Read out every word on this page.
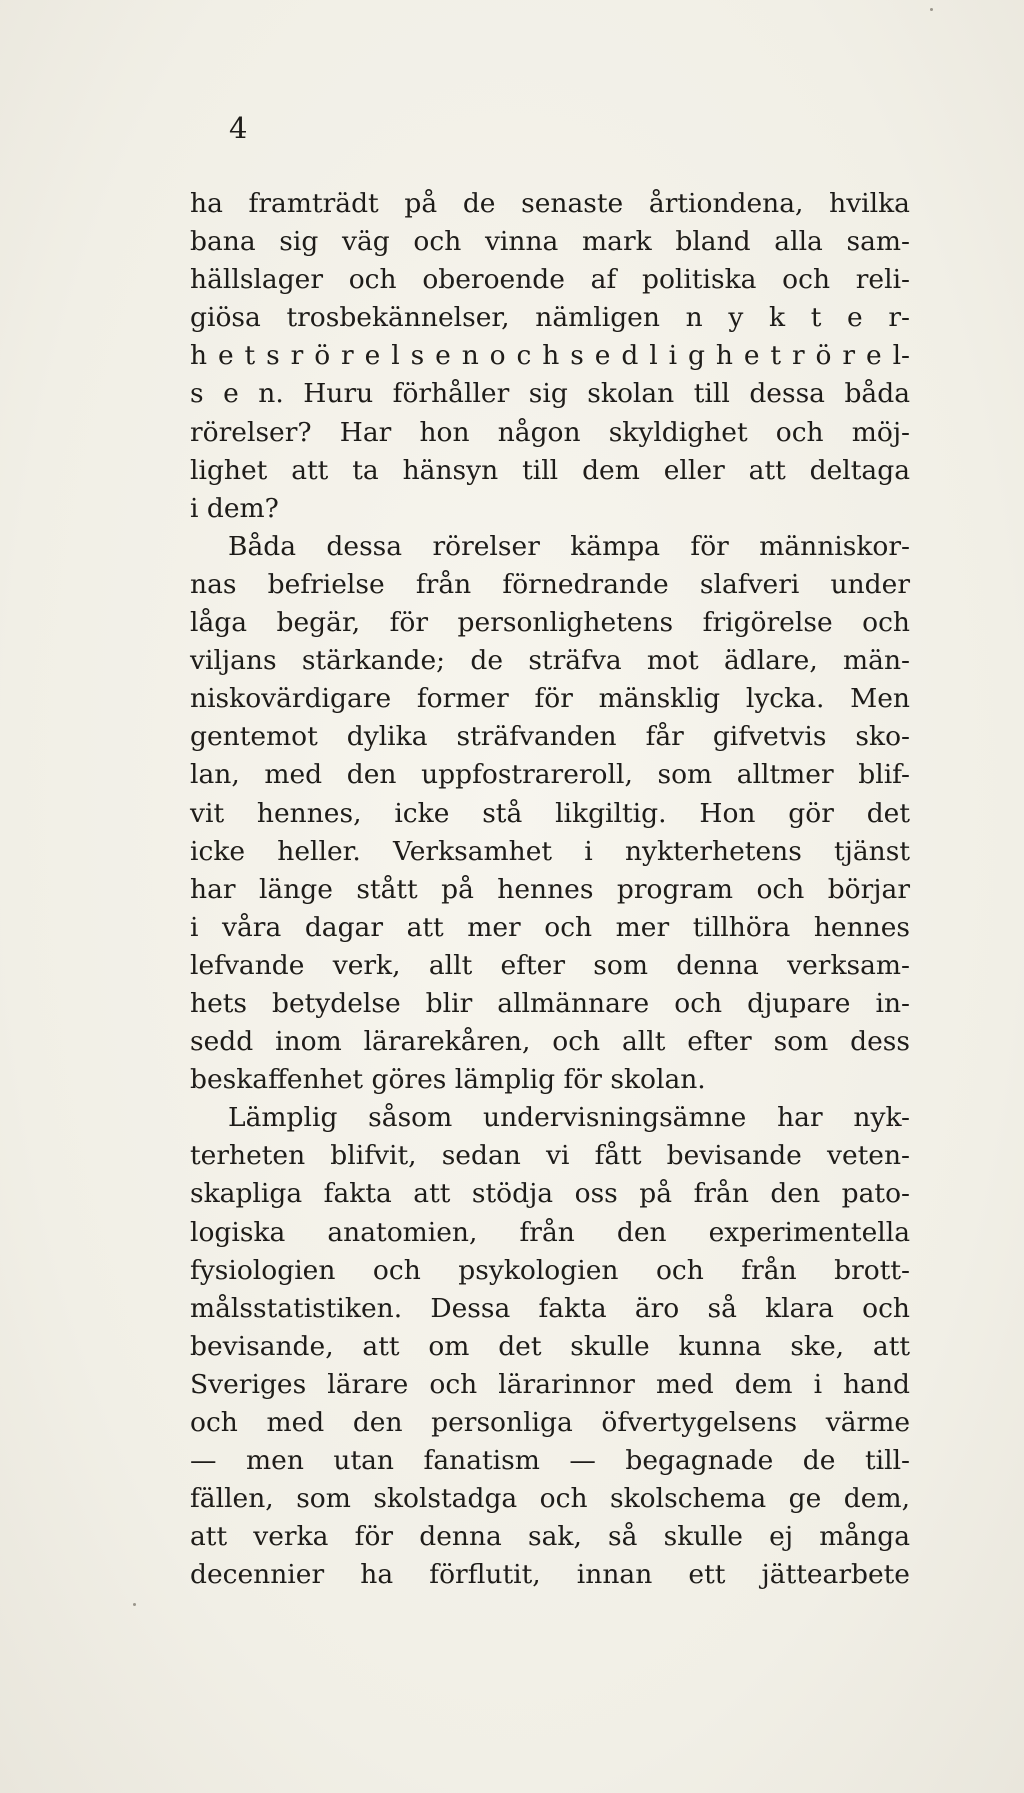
4
ha framträdt på de senaste årtiondena, hvilka
bana sig väg och vinna mark bland alla sam-
hällslager och oberoende af politiska och reli-
giösa trosbekännelser, nämligen n y k t e r-
h e t s r ö r e l s e n o c h s e d l i g h e t r ö r e l-
s e n. Huru förhåller sig skolan till dessa båda
rörelser? Har hon någon skyldighet och möj-
lighet att ta hänsyn till dem eller att deltaga
i dem?
Båda dessa rörelser kämpa för människor-
nas befrielse från förnedrande slafveri under
låga begär, för personlighetens frigörelse och
viljans stärkande; de sträfva mot ädlare, män-
niskovärdigare former för mänsklig lycka. Men
gentemot dylika sträfvanden får gifvetvis sko-
lan, med den uppfostrareroll, som alltmer blif-
vit hennes, icke stå likgiltig. Hon gör det
icke heller. Verksamhet i nykterhetens tjänst
har länge stått på hennes program och börjar
i våra dagar att mer och mer tillhöra hennes
lefvande verk, allt efter som denna verksam-
hets betydelse blir allmännare och djupare in-
sedd inom lärarekåren, och allt efter som dess
beskaffenhet göres lämplig för skolan.
Lämplig såsom undervisningsämne har nyk-
terheten blifvit, sedan vi fått bevisande veten-
skapliga fakta att stödja oss på från den pato-
logiska anatomien, från den experimentella
fysiologien och psykologien och från brott-
målsstatistiken. Dessa fakta äro så klara och
bevisande, att om det skulle kunna ske, att
Sveriges lärare och lärarinnor med dem i hand
och med den personliga öfvertygelsens värme
— men utan fanatism — begagnade de till-
fällen, som skolstadga och skolschema ge dem,
att verka för denna sak, så skulle ej många
decennier ha förflutit, innan ett jättearbete
